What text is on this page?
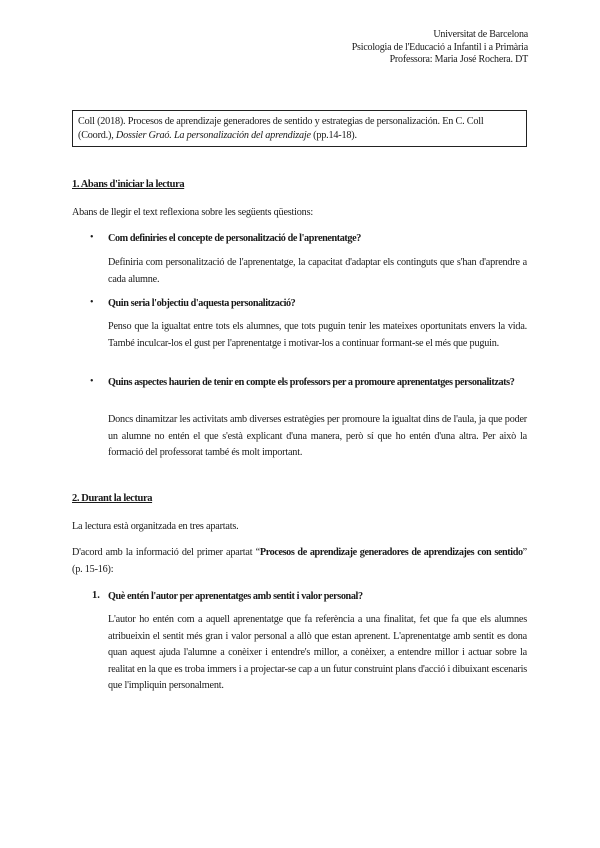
Universitat de Barcelona
Psicologia de l'Educació a Infantil i a Primària
Professora: Maria José Rochera. DT
Coll (2018). Procesos de aprendizaje generadores de sentido y estrategias de personalización. En C. Coll (Coord.), Dossier Graó. La personalización del aprendizaje (pp.14-18).
1. Abans d'iniciar la lectura
Abans de llegir el text reflexiona sobre les següents qüestions:
• Com definiries el concepte de personalització de l'aprenentatge?
Definiria com personalització de l'aprenentatge, la capacitat d'adaptar els continguts que s'han d'aprendre a cada alumne.
• Quin seria l'objectiu d'aquesta personalització?
Penso que la igualtat entre tots els alumnes, que tots puguin tenir les mateixes oportunitats envers la vida. També inculcar-los el gust per l'aprenentatge i motivar-los a continuar formant-se el més que puguin.
• Quins aspectes haurien de tenir en compte els professors per a promoure aprenentatges personalitzats?
Doncs dinamitzar les activitats amb diverses estratègies per promoure la igualtat dins de l'aula, ja que poder un alumne no entén el que s'està explicant d'una manera, però sí que ho entén d'una altra. Per això la formació del professorat també és molt important.
2. Durant la lectura
La lectura està organitzada en tres apartats.
D'acord amb la informació del primer apartat “Procesos de aprendizaje generadores de aprendizajes con sentido” (p. 15-16):
1. Què entén l'autor per aprenentatges amb sentit i valor personal?
L'autor ho entén com a aquell aprenentatge que fa referència a una finalitat, fet que fa que els alumnes atribueixin el sentit més gran i valor personal a allò que estan aprenent. L'aprenentatge amb sentit es dona quan aquest ajuda l'alumne a conèixer i entendre's millor, a conèixer, a entendre millor i actuar sobre la realitat en la que es troba immers i a projectar-se cap a un futur construint plans d'acció i dibuixant escenaris que l'impliquin personalment.
